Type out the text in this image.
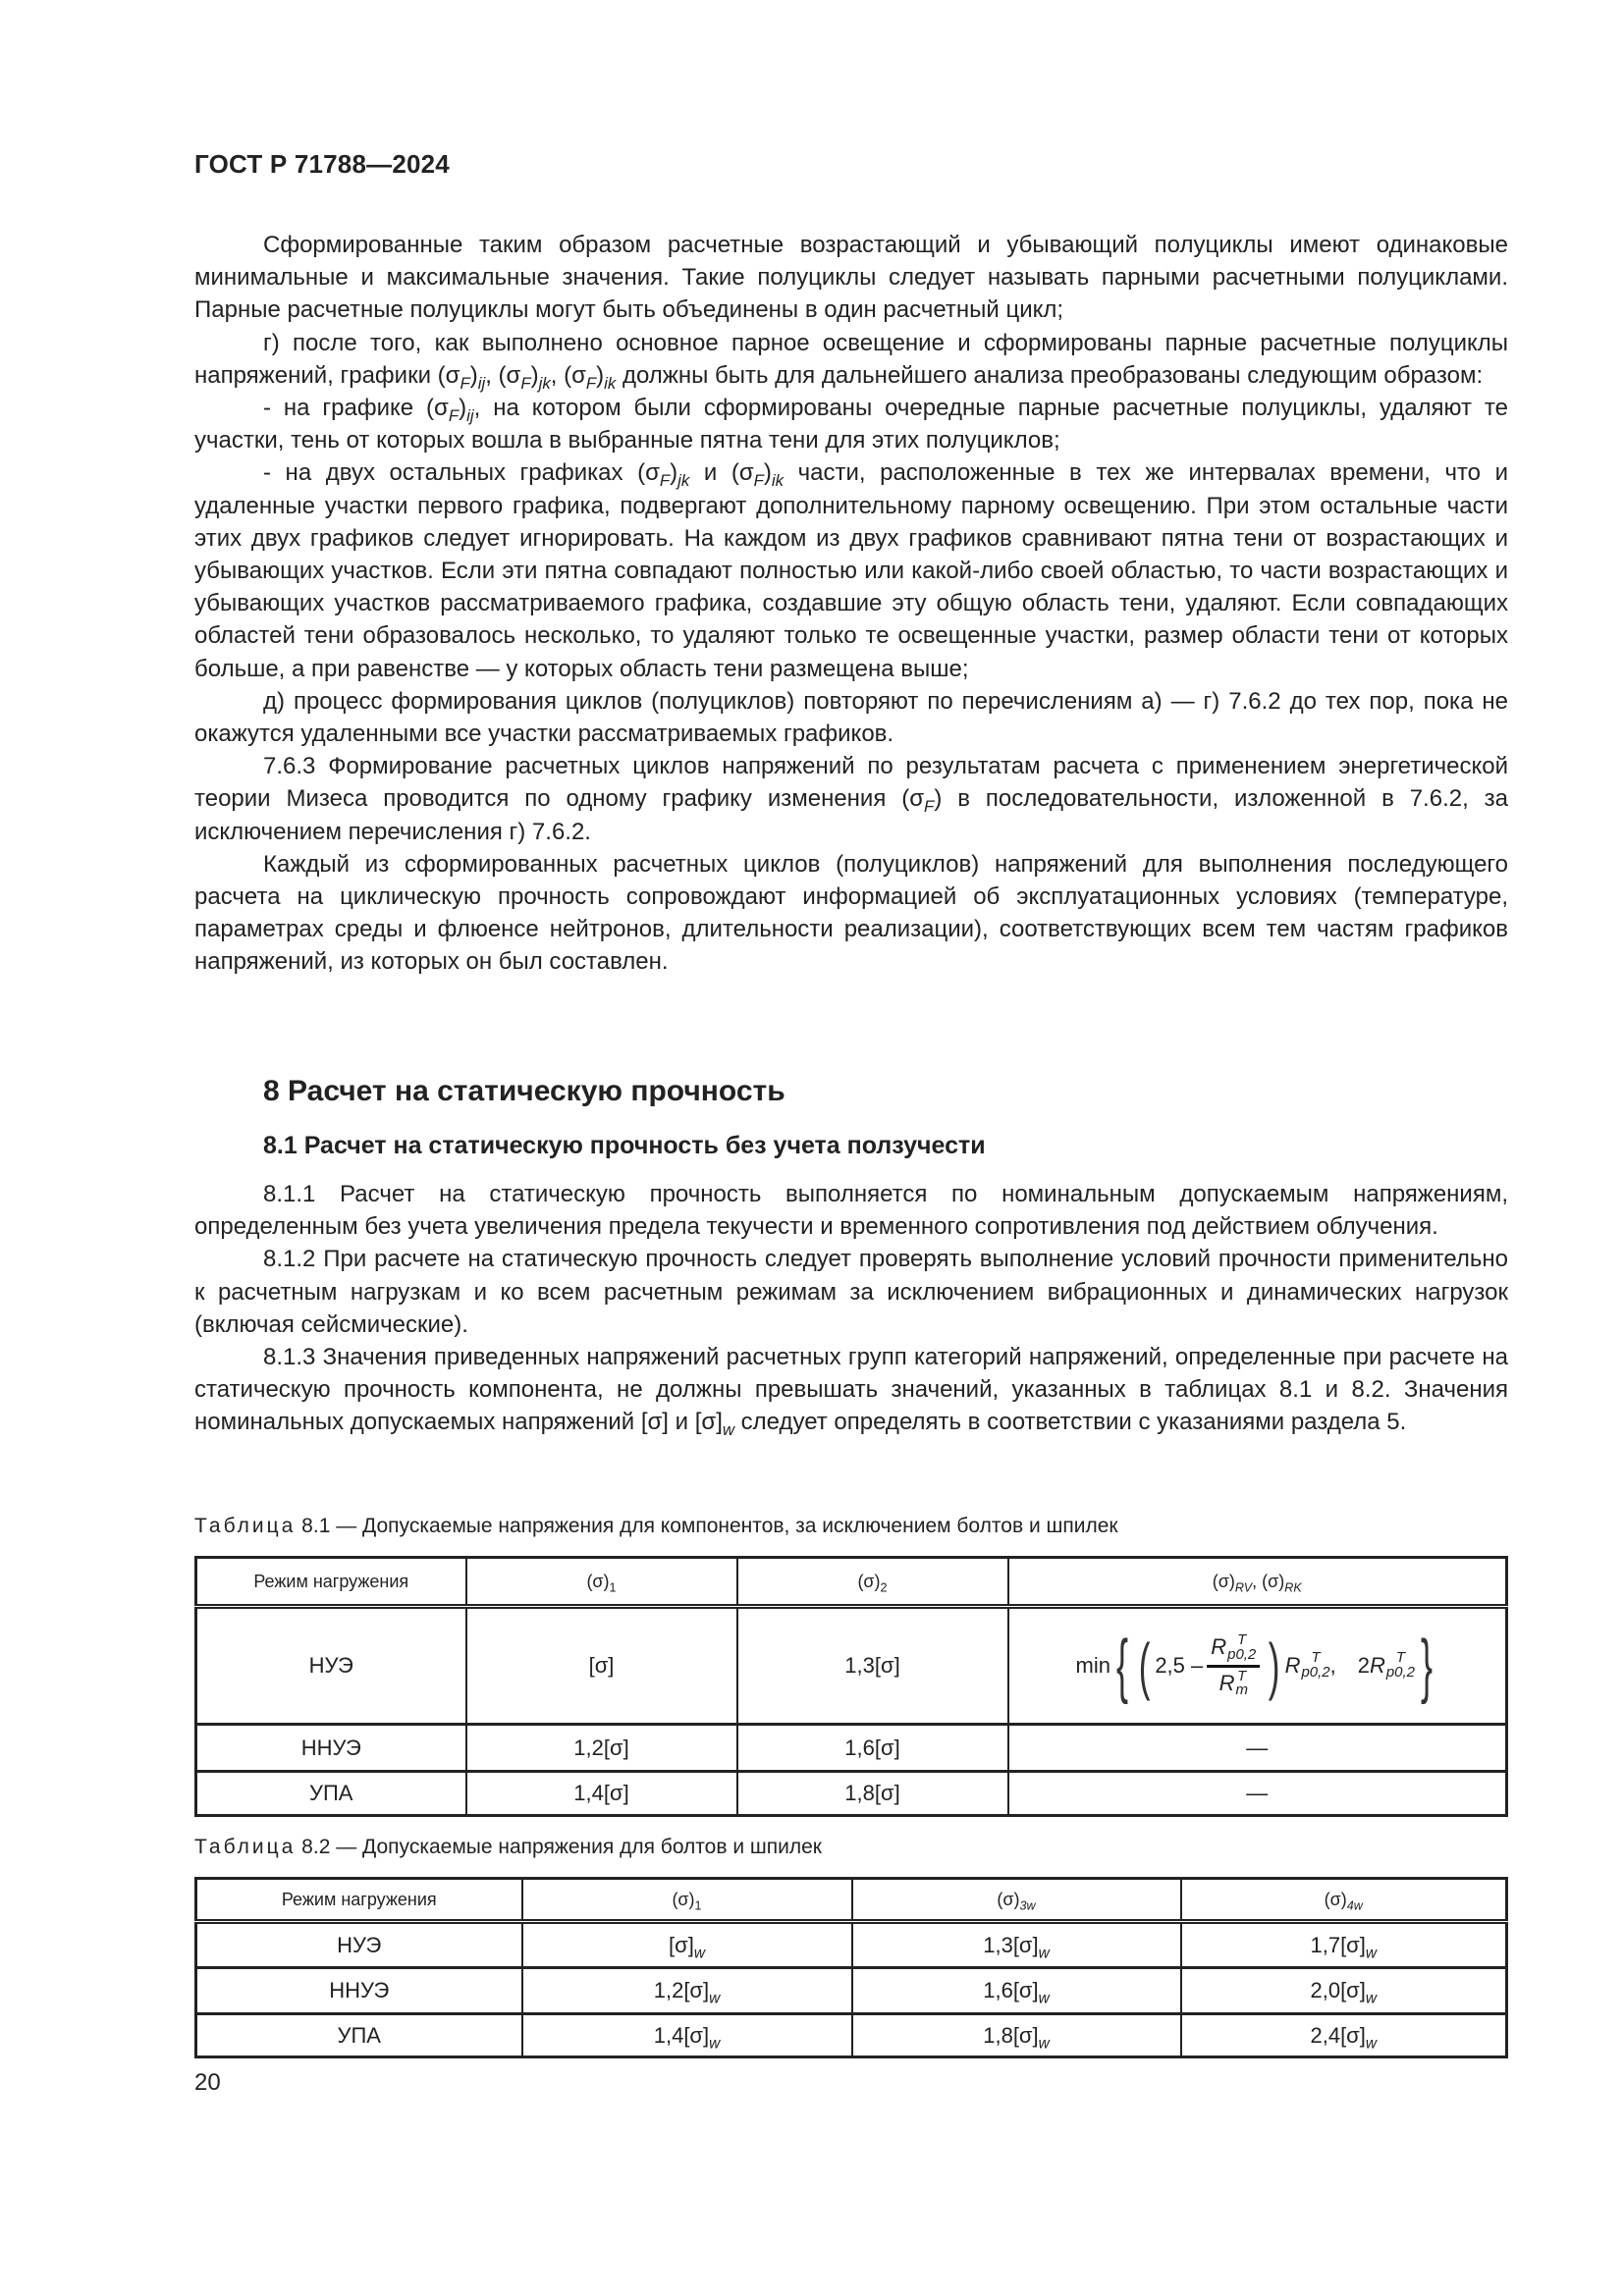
ГОСТ Р 71788—2024

Сформированные таким образом расчетные возрастающий и убывающий полуциклы имеют одинаковые минимальные и максимальные значения. Такие полуциклы следует называть парными расчетными полуциклами. Парные расчетные полуциклы могут быть объединены в один расчетный цикл;

г) после того, как выполнено основное парное освещение и сформированы парные расчетные полуциклы напряжений, графики $(\sigma_F)_{ij}$, $(\sigma_F)_{jk}$, $(\sigma_F)_{ik}$ должны быть для дальнейшего анализа преобразованы следующим образом:

- на графике $(\sigma_F)_{ij}$, на котором были сформированы очередные парные расчетные полуциклы, удаляют те участки, тень от которых вошла в выбранные пятна тени для этих полуциклов;

- на двух остальных графиках $(\sigma_F)_{jk}$ и $(\sigma_F)_{ik}$ части, расположенные в тех же интервалах времени, что и удаленные участки первого графика, подвергают дополнительному парному освещению. При этом остальные части этих двух графиков следует игнорировать. На каждом из двух графиков сравнивают пятна тени от возрастающих и убывающих участков. Если эти пятна совпадают полностью или какой-либо своей областью, то части возрастающих и убывающих участков рассматриваемого графика, создавшие эту общую область тени, удаляют. Если совпадающих областей тени образовалось несколько, то удаляют только те освещенные участки, размер области тени от которых больше, а при равенстве — у которых область тени размещена выше;

д) процесс формирования циклов (полуциклов) повторяют по перечислениям а) — г) 7.6.2 до тех пор, пока не окажутся удаленными все участки рассматриваемых графиков.

7.6.3 Формирование расчетных циклов напряжений по результатам расчета с применением энергетической теории Мизеса проводится по одному графику изменения $(\sigma_F)$ в последовательности, изложенной в 7.6.2, за исключением перечисления г) 7.6.2.

Каждый из сформированных расчетных циклов (полуциклов) напряжений для выполнения последующего расчета на циклическую прочность сопровождают информацией об эксплуатационных условиях (температуре, параметрах среды и флюенсе нейтронов, длительности реализации), соответствующих всем тем частям графиков напряжений, из которых он был составлен.

8 Расчет на статическую прочность
8.1 Расчет на статическую прочность без учета ползучести

8.1.1 Расчет на статическую прочность выполняется по номинальным допускаемым напряжениям, определенным без учета увеличения предела текучести и временного сопротивления под действием облучения.

8.1.2 При расчете на статическую прочность следует проверять выполнение условий прочности применительно к расчетным нагрузкам и ко всем расчетным режимам за исключением вибрационных и динамических нагрузок (включая сейсмические).

8.1.3 Значения приведенных напряжений расчетных групп категорий напряжений, определенные при расчете на статическую прочность компонента, не должны превышать значений, указанных в таблицах 8.1 и 8.2. Значения номинальных допускаемых напряжений [σ] и $[\sigma]_w$ следует определять в соответствии с указаниями раздела 5.

Таблица 8.1 — Допускаемые напряжения для компонентов, за исключением болтов и шпилек
Режим нагружения	$(\sigma)_1$	$(\sigma)_2$	$(\sigma)_{RV}$, $(\sigma)_{RK}$
НУЭ	[σ]	1,3[σ]	min { ( 2,5 – R T
p0,2
R T
m ) R T
p0,2 , 2 R T
p0,2 }

ННУЭ	1,2[σ]	1,6[σ]	—
УПА	1,4[σ]	1,8[σ]	—
Таблица 8.2 — Допускаемые напряжения для болтов и шпилек
Режим нагружения	$(\sigma)_1$	$(\sigma)_{3w}$	$(\sigma)_{4w}$
НУЭ	$[\sigma]_w$	$1,3[\sigma]_w$	$1,7[\sigma]_w$
ННУЭ	$1,2[\sigma]_w$	$1,6[\sigma]_w$	$2,0[\sigma]_w$
УПА	$1,4[\sigma]_w$	$1,8[\sigma]_w$	$2,4[\sigma]_w$
20
